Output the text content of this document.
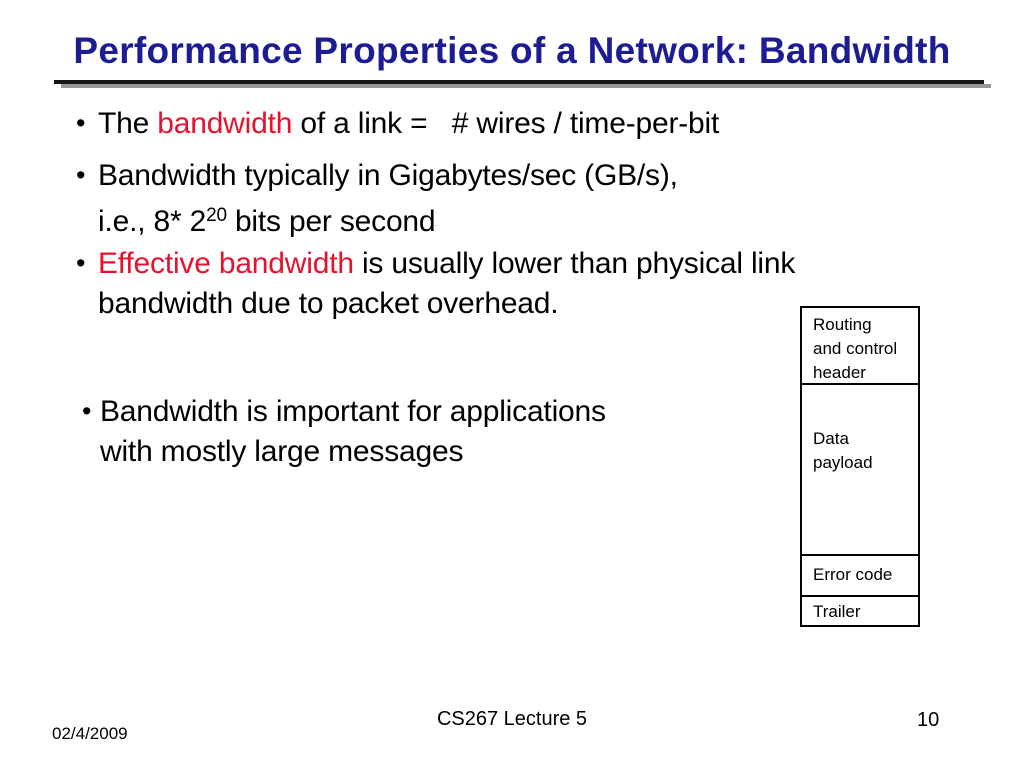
Performance Properties of a Network: Bandwidth
• The bandwidth of a link =   # wires / time-per-bit
• Bandwidth typically in Gigabytes/sec (GB/s),
i.e., 8* $2^{20}$ bits per second
• Effective bandwidth is usually lower than physical link
bandwidth due to packet overhead.
• Bandwidth is important for applications
with mostly large messages
Routing
and control
header
Data
payload
Error code
Trailer
02/4/2009
CS267 Lecture 5	10
